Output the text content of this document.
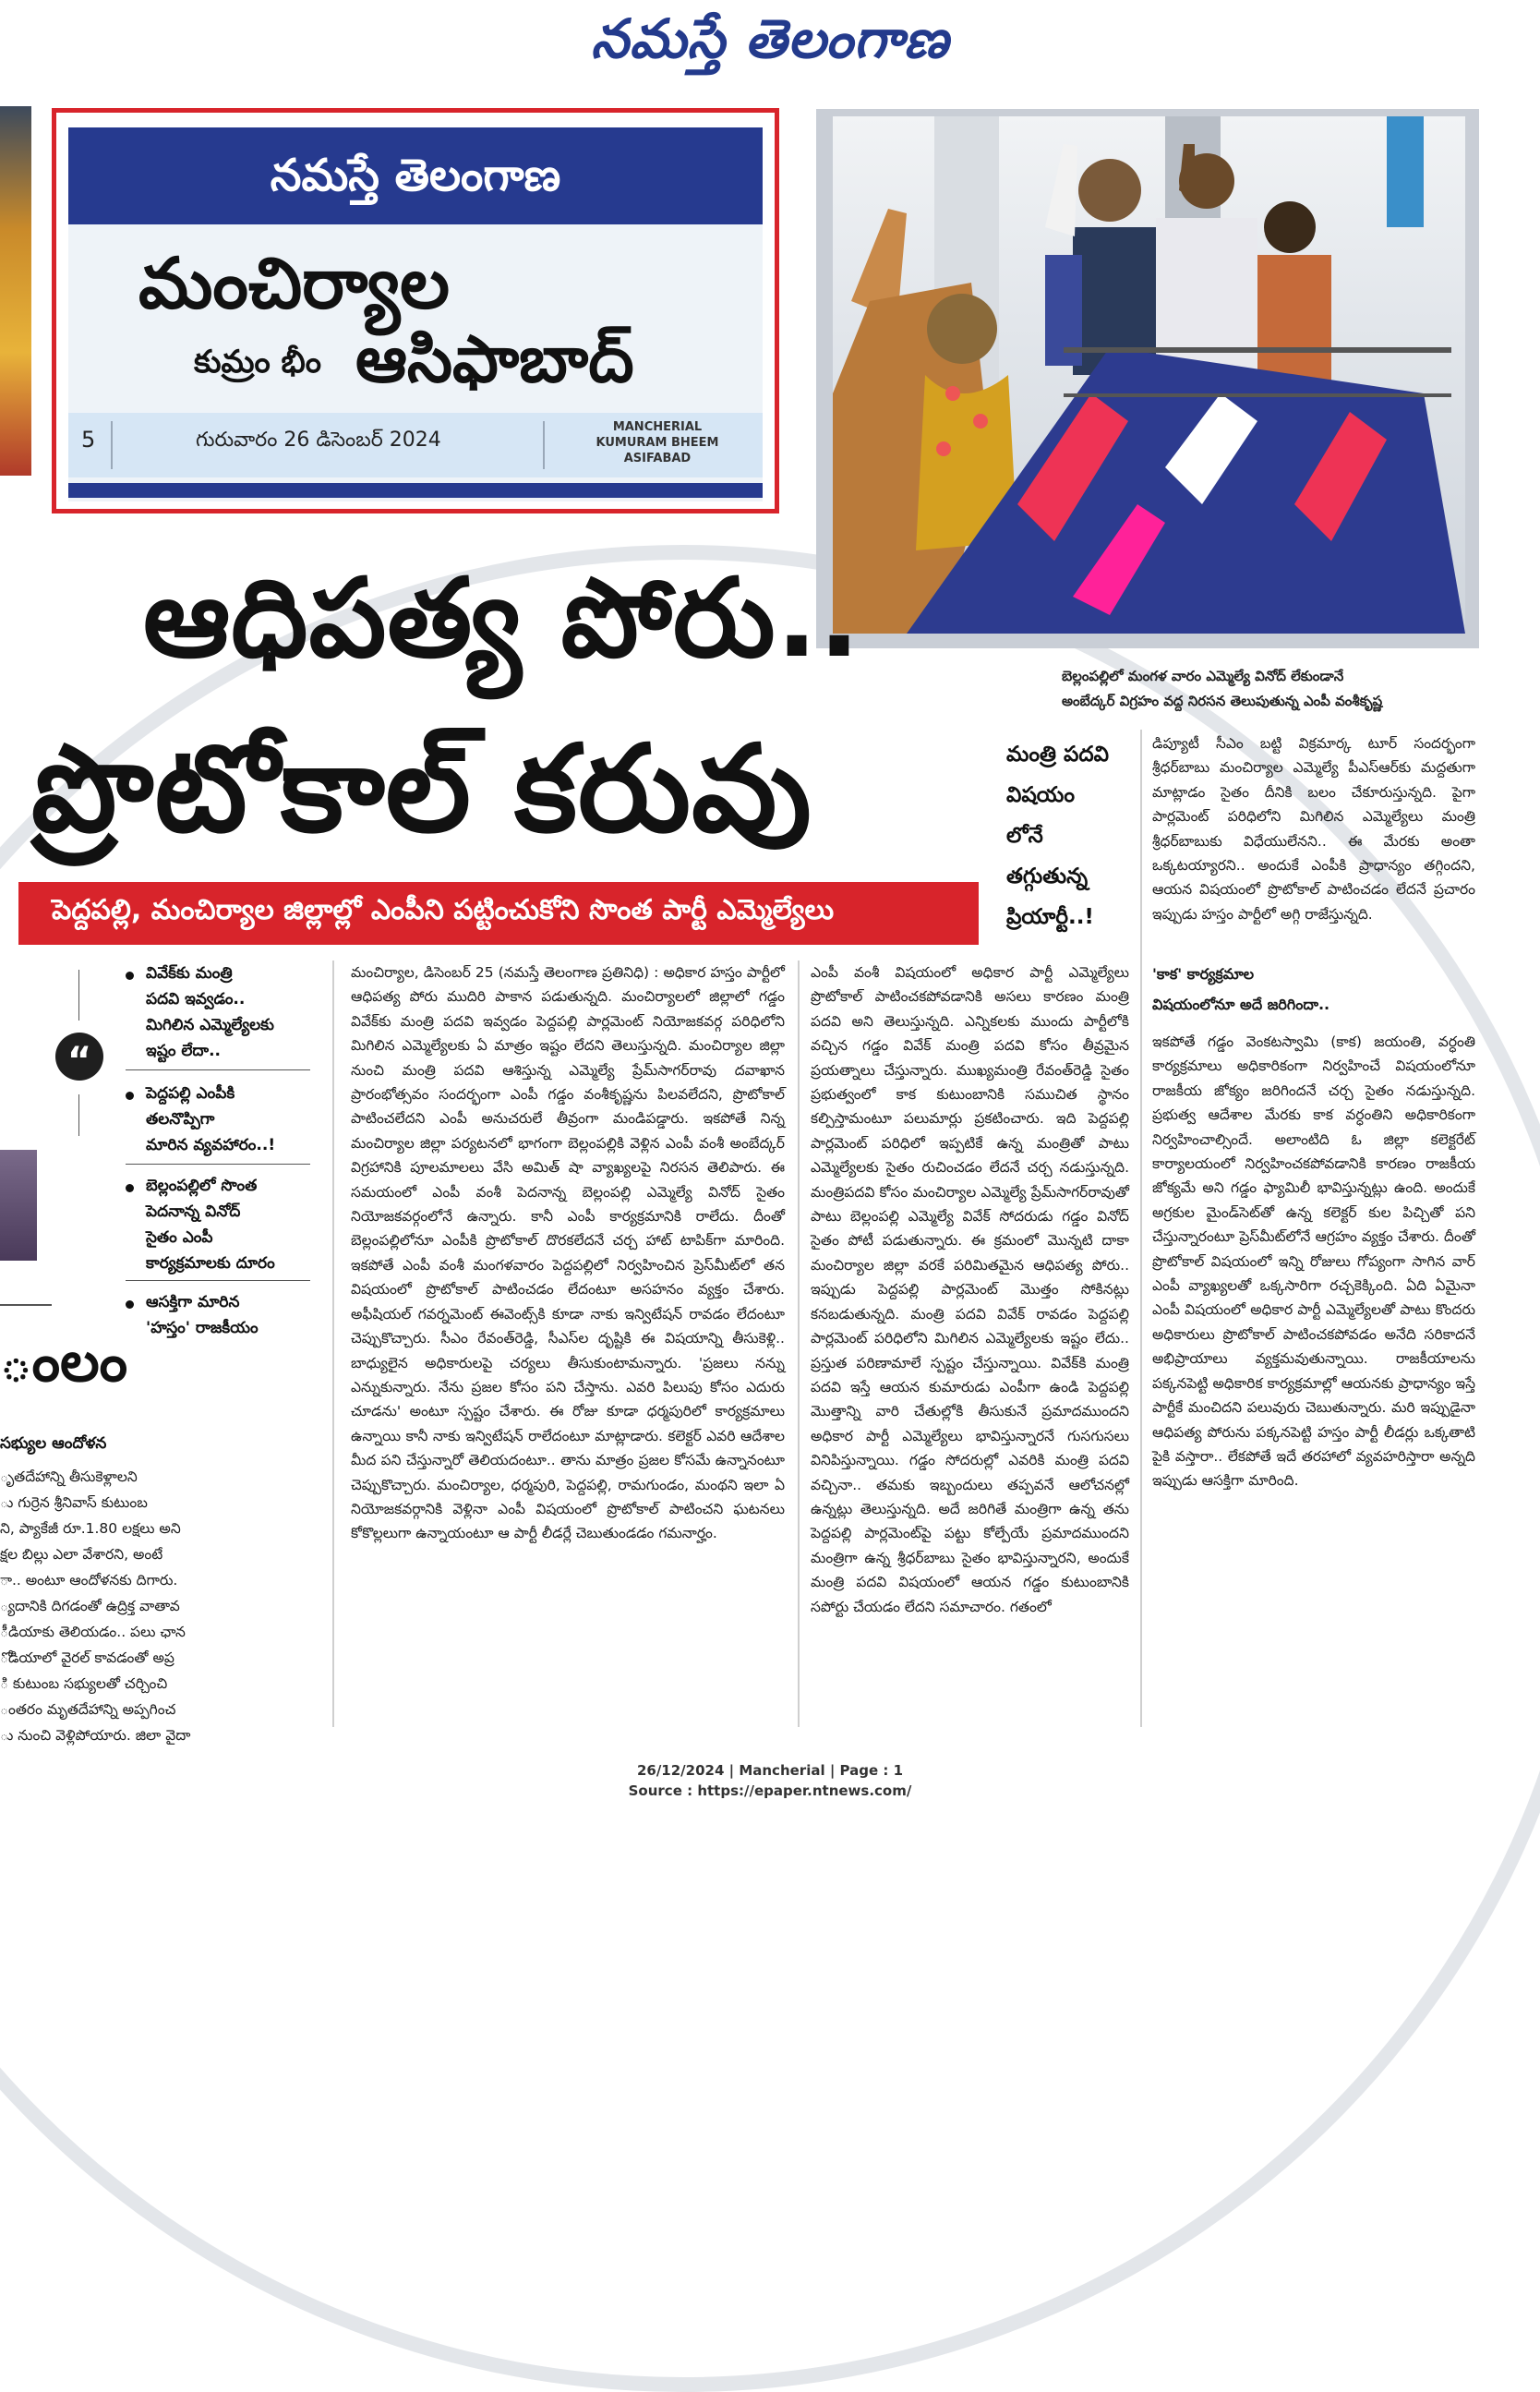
నమస్తే తెలంగాణ
నమస్తే తెలంగాణ
మంచిర్యాల
కుమ్రం భీం ఆసిఫాబాద్
5	గురువారం 26 డిసెంబర్ 2024
MANCHERIAL
KUMURAM BHEEM
ASIFABAD
బెల్లంపల్లిలో మంగళ వారం ఎమ్మెల్యే వినోద్ లేకుండానే
అంబేద్కర్ విగ్రహం వద్ద నిరసన తెలుపుతున్న ఎంపీ వంశీకృష్ణ
ఆధిపత్య పోరు..
ప్రొటోకాల్ కరువు
పెద్దపల్లి, మంచిర్యాల జిల్లాల్లో ఎంపీని పట్టించుకోని సొంత పార్టీ ఎమ్మెల్యేలు
మంత్రి పదవి
విషయం
లోనే
తగ్గుతున్న
ప్రియార్టీ..!
డిప్యూటీ సీఎం బట్టి విక్రమార్క టూర్ సందర్భంగా శ్రీధర్‌బాబు మంచిర్యాల ఎమ్మెల్యే పీఎస్‌ఆర్‌కు మద్దతుగా మాట్లాడం సైతం దీనికి బలం చేకూరుస్తున్నది. పైగా పార్లమెంట్ పరిధిలోని మిగిలిన ఎమ్మెల్యేలు మంత్రి శ్రీధర్‌బాబుకు విధేయులేనని.. ఈ మేరకు అంతా ఒక్కటయ్యారని.. అందుకే ఎంపీకి ప్రాధాన్యం తగ్గిందని, ఆయన విషయంలో ప్రొటోకాల్ పాటించడం లేదనే ప్రచారం ఇప్పుడు హస్తం పార్టీలో అగ్గి రాజేస్తున్నది.
'కాక' కార్యక్రమాల
విషయంలోనూ అదే జరిగిందా..
ఇకపోతే గడ్డం వెంకటస్వామి (కాక) జయంతి, వర్ధంతి కార్యక్రమాలు అధికారికంగా నిర్వహించే విషయంలోనూ రాజకీయ జోక్యం జరిగిందనే చర్చ సైతం నడుస్తున్నది. ప్రభుత్వ ఆదేశాల మేరకు కాక వర్ధంతిని అధికారికంగా నిర్వహించాల్సిందే. అలాంటిది ఓ జిల్లా కలెక్టరేట్ కార్యాలయంలో నిర్వహించకపోవడానికి కారణం రాజకీయ జోక్యమే అని గడ్డం ఫ్యామిలీ భావిస్తున్నట్లు ఉంది. అందుకే అగ్రకుల మైండ్‌సెట్‌తో ఉన్న కలెక్టర్ కుల పిచ్చితో పని చేస్తున్నారంటూ ప్రెస్‌మీట్‌లోనే ఆగ్రహం వ్యక్తం చేశారు. దీంతో ప్రొటోకాల్ విషయంలో ఇన్ని రోజులు గోప్యంగా సాగిన వార్ ఎంపీ వ్యాఖ్యలతో ఒక్కసారిగా రచ్చకెక్కింది. ఏది ఏమైనా ఎంపీ విషయంలో అధికార పార్టీ ఎమ్మెల్యేలతో పాటు కొందరు అధికారులు ప్రొటోకాల్ పాటించకపోవడం అనేది సరికాదనే అభిప్రాయాలు వ్యక్తమవుతున్నాయి. రాజకీయాలను పక్కనపెట్టి అధికారిక కార్యక్రమాల్లో ఆయనకు ప్రాధాన్యం ఇస్తే పార్టీకే మంచిదని పలువురు చెబుతున్నారు. మరి ఇప్పుడైనా ఆధిపత్య పోరును పక్కనపెట్టి హస్తం పార్టీ లీడర్లు ఒక్కతాటి పైకి వస్తారా.. లేకపోతే ఇదే తరహాలో వ్యవహరిస్తారా అన్నది ఇప్పుడు ఆసక్తిగా మారింది.
మంచిర్యాల, డిసెంబర్ 25 (నమస్తే తెలంగాణ ప్రతినిధి) : అధికార హస్తం పార్టీలో ఆధిపత్య పోరు ముదిరి పాకాన పడుతున్నది. మంచిర్యాలలో జిల్లాలో గడ్డం వివేక్‌కు మంత్రి పదవి ఇవ్వడం పెద్దపల్లి పార్లమెంట్ నియోజకవర్గ పరిధిలోని మిగిలిన ఎమ్మెల్యేలకు ఏ మాత్రం ఇష్టం లేదని తెలుస్తున్నది. మంచిర్యాల జిల్లా నుంచి మంత్రి పదవి ఆశిస్తున్న ఎమ్మెల్యే ప్రేమ్‌సాగర్‌రావు దవాఖాన ప్రారంభోత్సవం సందర్భంగా ఎంపీ గడ్డం వంశీకృష్ణను పిలవలేదని, ప్రొటోకాల్ పాటించలేదని ఎంపీ అనుచరులే తీవ్రంగా మండిపడ్డారు. ఇకపోతే నిన్న మంచిర్యాల జిల్లా పర్యటనలో భాగంగా బెల్లంపల్లికి వెళ్లిన ఎంపీ వంశీ అంబేద్కర్ విగ్రహానికి పూలమాలలు వేసి అమిత్ షా వ్యాఖ్యలపై నిరసన తెలిపారు. ఈ సమయంలో ఎంపీ వంశీ పెదనాన్న బెల్లంపల్లి ఎమ్మెల్యే వినోద్ సైతం నియోజకవర్గంలోనే ఉన్నారు. కానీ ఎంపీ కార్యక్రమానికి రాలేదు. దీంతో బెల్లంపల్లిలోనూ ఎంపీకి ప్రొటోకాల్ దొరకలేదనే చర్చ హాట్ టాపిక్‌గా మారింది. ఇకపోతే ఎంపీ వంశీ మంగళవారం పెద్దపల్లిలో నిర్వహించిన ప్రెస్‌మీట్‌లో తన విషయంలో ప్రొటోకాల్ పాటించడం లేదంటూ అసహనం వ్యక్తం చేశారు. అఫీషియల్ గవర్నమెంట్ ఈవెంట్స్‌కి కూడా నాకు ఇన్విటేషన్ రావడం లేదంటూ చెప్పుకొచ్చారు. సీఎం రేవంత్‌రెడ్డి, సీఎస్‌ల దృష్టికి ఈ విషయాన్ని తీసుకెళ్లి.. బాధ్యులైన అధికారులపై చర్యలు తీసుకుంటామన్నారు. 'ప్రజలు నన్ను ఎన్నుకున్నారు. నేను ప్రజల కోసం పని చేస్తాను. ఎవరి పిలుపు కోసం ఎదురు చూడను' అంటూ స్పష్టం చేశారు. ఈ రోజు కూడా ధర్మపురిలో కార్యక్రమాలు ఉన్నాయి కానీ నాకు ఇన్విటేషన్ రాలేదంటూ మాట్లాడారు. కలెక్టర్ ఎవరి ఆదేశాల మీద పని చేస్తున్నారో తెలియదంటూ.. తాను మాత్రం ప్రజల కోసమే ఉన్నానంటూ చెప్పుకొచ్చారు. మంచిర్యాల, ధర్మపురి, పెద్దపల్లి, రామగుండం, మంథని ఇలా ఏ నియోజకవర్గానికి వెళ్లినా ఎంపీ విషయంలో ప్రొటోకాల్ పాటించని ఘటనలు కోకొల్లలుగా ఉన్నాయంటూ ఆ పార్టీ లీడర్లే చెబుతుండడం గమనార్హం.
ఎంపీ వంశీ విషయంలో అధికార పార్టీ ఎమ్మెల్యేలు ప్రొటోకాల్ పాటించకపోవడానికి అసలు కారణం మంత్రి పదవి అని తెలుస్తున్నది. ఎన్నికలకు ముందు పార్టీలోకి వచ్చిన గడ్డం వివేక్ మంత్రి పదవి కోసం తీవ్రమైన ప్రయత్నాలు చేస్తున్నారు. ముఖ్యమంత్రి రేవంత్‌రెడ్డి సైతం ప్రభుత్వంలో కాక కుటుంబానికి సముచిత స్థానం కల్పిస్తామంటూ పలుమార్లు ప్రకటించారు. ఇది పెద్దపల్లి పార్లమెంట్ పరిధిలో ఇప్పటికే ఉన్న మంత్రితో పాటు ఎమ్మెల్యేలకు సైతం రుచించడం లేదనే చర్చ నడుస్తున్నది. మంత్రిపదవి కోసం మంచిర్యాల ఎమ్మెల్యే ప్రేమ్‌సాగర్‌రావుతో పాటు బెల్లంపల్లి ఎమ్మెల్యే వివేక్ సోదరుడు గడ్డం వినోద్ సైతం పోటీ పడుతున్నారు. ఈ క్రమంలో మొన్నటి దాకా మంచిర్యాల జిల్లా వరకే పరిమితమైన ఆధిపత్య పోరు.. ఇప్పుడు పెద్దపల్లి పార్లమెంట్ మొత్తం సోకినట్లు కనబడుతున్నది. మంత్రి పదవి వివేక్ రావడం పెద్దపల్లి పార్లమెంట్ పరిధిలోని మిగిలిన ఎమ్మెల్యేలకు ఇష్టం లేదు.. ప్రస్తుత పరిణామాలే స్పష్టం చేస్తున్నాయి. వివేక్‌కి మంత్రి పదవి ఇస్తే ఆయన కుమారుడు ఎంపీగా ఉండి పెద్దపల్లి మొత్తాన్ని వారి చేతుల్లోకి తీసుకునే ప్రమాదముందని అధికార పార్టీ ఎమ్మెల్యేలు భావిస్తున్నారనే గుసగుసలు వినిపిస్తున్నాయి. గడ్డం సోదరుల్లో ఎవరికి మంత్రి పదవి వచ్చినా.. తమకు ఇబ్బందులు తప్పవనే ఆలోచనల్లో ఉన్నట్లు తెలుస్తున్నది. అదే జరిగితే మంత్రిగా ఉన్న తను పెద్దపల్లి పార్లమెంట్‌పై పట్టు కోల్పేయే ప్రమాదముందని మంత్రిగా ఉన్న శ్రీధర్‌బాబు సైతం భావిస్తున్నారని, అందుకే మంత్రి పదవి విషయంలో ఆయన గడ్డం కుటుంబానికి సపోర్టు చేయడం లేదని సమాచారం. గతంలో
“
వివేక్‌కు మంత్రి
పదవి ఇవ్వడం..
మిగిలిన ఎమ్మెల్యేలకు
ఇష్టం లేదా..
పెద్దపల్లి ఎంపీకి
తలనొప్పిగా
మారిన వ్యవహారం..!
బెల్లంపల్లిలో సొంత
పెదనాన్న వినోద్
సైతం ఎంపీ
కార్యక్రమాలకు దూరం
ఆసక్తిగా మారిన
'హస్తం' రాజకీయం
ంలం
సభ్యుల ఆందోళన
ృతదేహాన్ని తీసుకెళ్లాలని
ు గుర్రెన శ్రీనివాస్ కుటుంబ
ని, ప్యాకేజీ రూ.1.80 లక్షలు అని
క్షల బిల్లు ఎలా వేశారని, అంటే
ా.. అంటూ ఆందోళనకు దిగారు.
్యదానికి దిగడంతో ఉద్రిక్త వాతావ
ీడియాకు తెలియడం.. పలు ఛాన
ోడియాలో వైరల్ కావడంతో అప్ర
ి కుటుంబ సభ్యులతో చర్చించి
ంతరం మృతదేహాన్ని అప్పగించ
ు నుంచి వెళ్లిపోయారు. జిలా వైదా
26/12/2024 | Mancherial | Page : 1
Source : https://epaper.ntnews.com/
